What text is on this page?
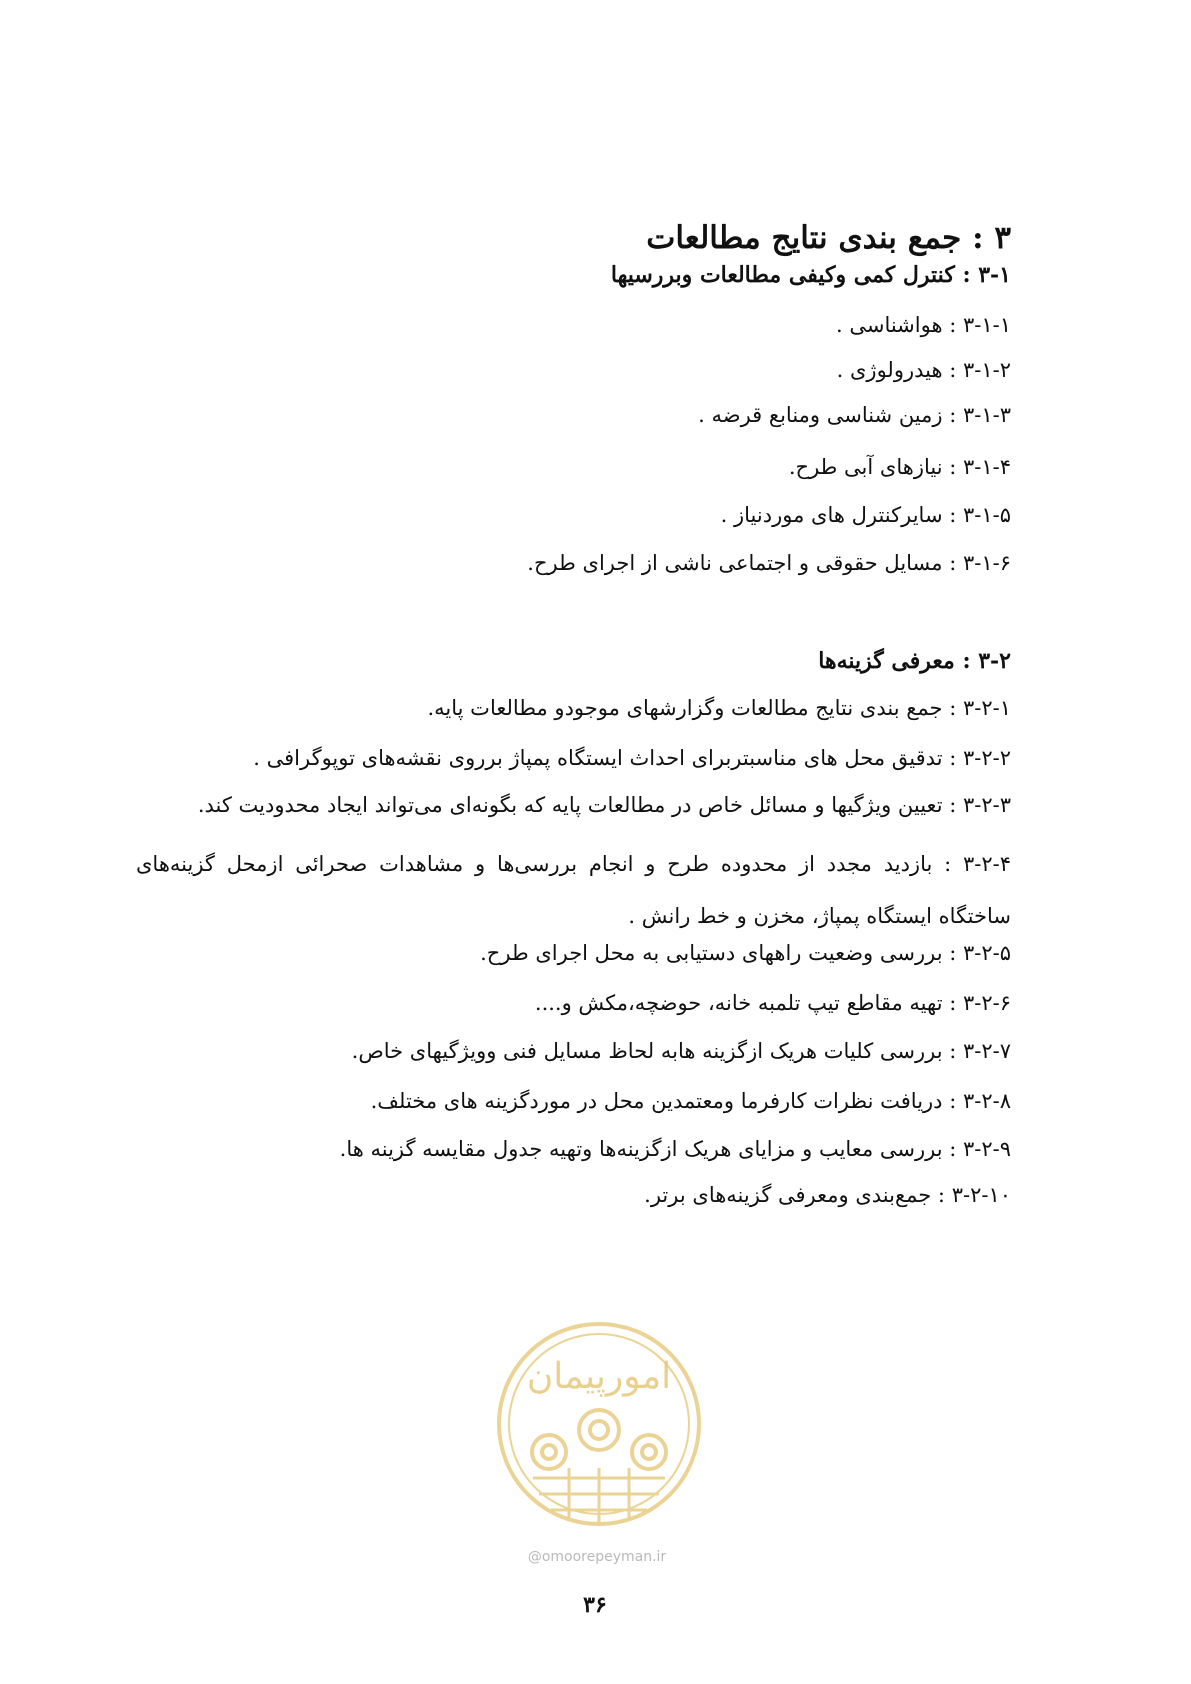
۳ : جمع بندی نتایج مطالعات
۳-۱ : کنترل کمی وکیفی مطالعات وبررسیها
۳-۱-۱ : هواشناسی .
۳-۱-۲ : هیدرولوژی .
۳-۱-۳ : زمین شناسی ومنابع قرضه .
۳-۱-۴ : نیازهای آبی طرح.
۳-۱-۵ : سایرکنترل های موردنیاز .
۳-۱-۶ : مسایل حقوقی و اجتماعی ناشی از اجرای طرح.
۳-۲ : معرفی گزینه‌ها
۳-۲-۱ : جمع بندی نتایج مطالعات وگزارشهای موجودو مطالعات پایه.
۳-۲-۲ : تدقیق محل های مناسبتربرای احداث ایستگاه پمپاژ برروی نقشه‌های توپوگرافی .
۳-۲-۳ : تعیین ویژگیها و مسائل خاص در مطالعات پایه که بگونه‌ای می‌تواند ایجاد محدودیت کند.
۳-۲-۴ : بازدید مجدد از محدوده طرح و انجام بررسی‌ها و مشاهدات صحرائی ازمحل گزینه‌های ساختگاه ایستگاه پمپاژ، مخزن و خط رانش .
۳-۲-۵ : بررسی وضعیت راههای دستیابی به محل اجرای طرح.
۳-۲-۶ : تهیه مقاطع تیپ تلمبه خانه، حوضچه،مکش و....
۳-۲-۷ : بررسی کلیات هریک ازگزینه هابه لحاظ مسایل فنی وویژگیهای خاص.
۳-۲-۸ : دریافت نظرات کارفرما ومعتمدین محل در موردگزینه های مختلف.
۳-۲-۹ : بررسی معایب و مزایای هریک ازگزینه‌ها وتهیه جدول مقایسه گزینه ها.
۳-۲-۱۰ : جمع‌بندی ومعرفی گزینه‌های برتر.
امورپیمان
@omoorepeyman.ir
۳۶
